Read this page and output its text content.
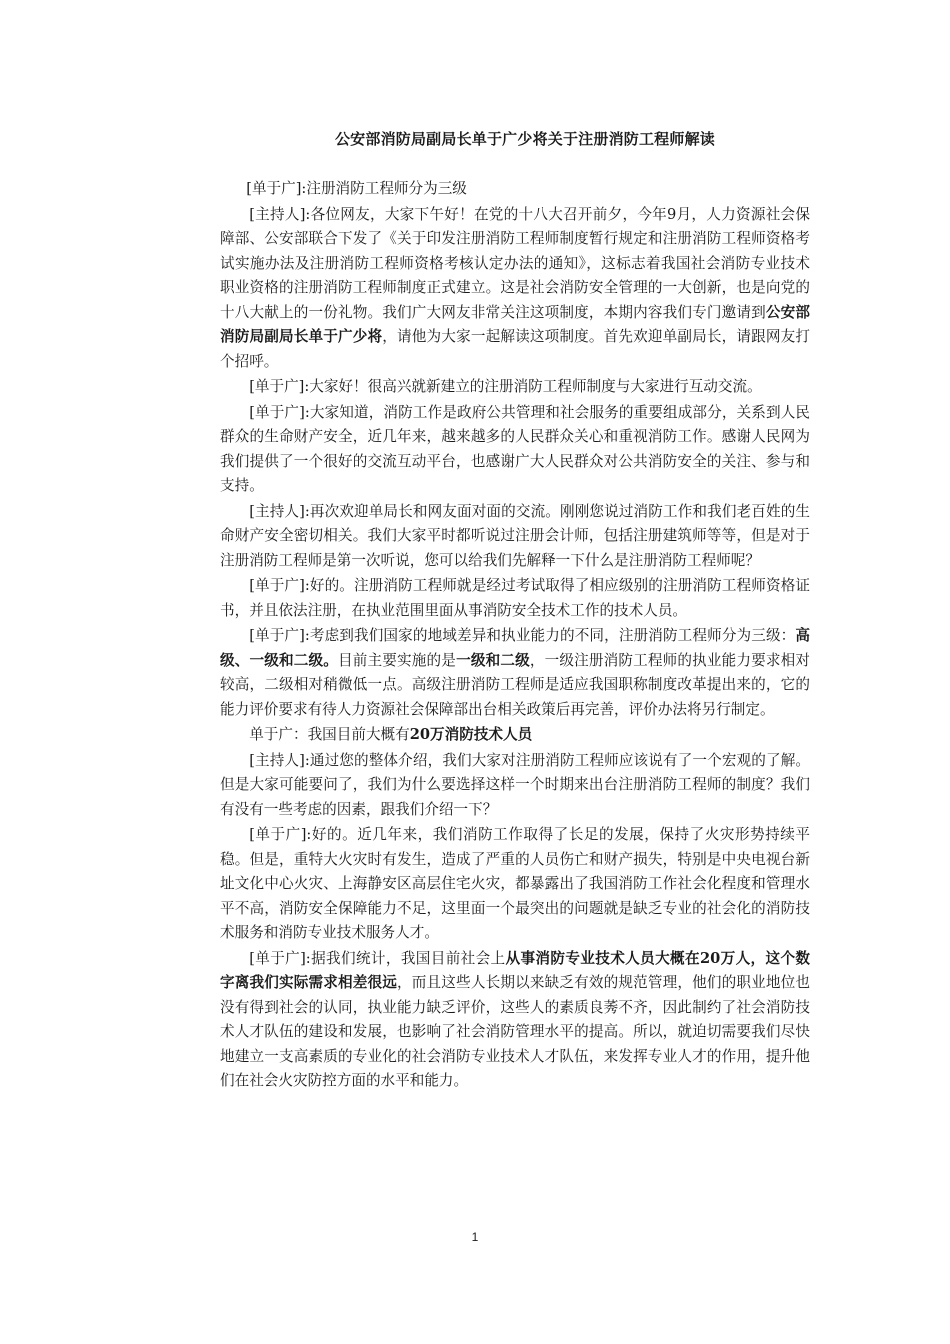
公安部消防局副局长单于广少将关于注册消防工程师解读

[单于广]:注册消防工程师分为三级

[主持人]:各位网友，大家下午好！在党的十八大召开前夕，今年9月，人力资源社会保障部、公安部联合下发了《关于印发注册消防工程师制度暂行规定和注册消防工程师资格考试实施办法及注册消防工程师资格考核认定办法的通知》，这标志着我国社会消防专业技术职业资格的注册消防工程师制度正式建立。这是社会消防安全管理的一大创新，也是向党的十八大献上的一份礼物。我们广大网友非常关注这项制度，本期内容我们专门邀请到公安部消防局副局长单于广少将，请他为大家一起解读这项制度。首先欢迎单副局长，请跟网友打个招呼。

[单于广]:大家好！很高兴就新建立的注册消防工程师制度与大家进行互动交流。

[单于广]:大家知道，消防工作是政府公共管理和社会服务的重要组成部分，关系到人民群众的生命财产安全，近几年来，越来越多的人民群众关心和重视消防工作。感谢人民网为我们提供了一个很好的交流互动平台，也感谢广大人民群众对公共消防安全的关注、参与和支持。

[主持人]:再次欢迎单局长和网友面对面的交流。刚刚您说过消防工作和我们老百姓的生命财产安全密切相关。我们大家平时都听说过注册会计师，包括注册建筑师等等，但是对于注册消防工程师是第一次听说，您可以给我们先解释一下什么是注册消防工程师呢？

[单于广]:好的。注册消防工程师就是经过考试取得了相应级别的注册消防工程师资格证书，并且依法注册，在执业范围里面从事消防安全技术工作的技术人员。

[单于广]:考虑到我们国家的地域差异和执业能力的不同，注册消防工程师分为三级：高级、一级和二级。目前主要实施的是一级和二级，一级注册消防工程师的执业能力要求相对较高，二级相对稍微低一点。高级注册消防工程师是适应我国职称制度改革提出来的，它的能力评价要求有待人力资源社会保障部出台相关政策后再完善，评价办法将另行制定。

单于广：我国目前大概有20万消防技术人员

[主持人]:通过您的整体介绍，我们大家对注册消防工程师应该说有了一个宏观的了解。但是大家可能要问了，我们为什么要选择这样一个时期来出台注册消防工程师的制度？我们有没有一些考虑的因素，跟我们介绍一下？

[单于广]:好的。近几年来，我们消防工作取得了长足的发展，保持了火灾形势持续平稳。但是，重特大火灾时有发生，造成了严重的人员伤亡和财产损失，特别是中央电视台新址文化中心火灾、上海静安区高层住宅火灾，都暴露出了我国消防工作社会化程度和管理水平不高，消防安全保障能力不足，这里面一个最突出的问题就是缺乏专业的社会化的消防技术服务和消防专业技术服务人才。

[单于广]:据我们统计，我国目前社会上从事消防专业技术人员大概在20万人，这个数字离我们实际需求相差很远，而且这些人长期以来缺乏有效的规范管理，他们的职业地位也没有得到社会的认同，执业能力缺乏评价，这些人的素质良莠不齐，因此制约了社会消防技术人才队伍的建设和发展，也影响了社会消防管理水平的提高。所以，就迫切需要我们尽快地建立一支高素质的专业化的社会消防专业技术人才队伍，来发挥专业人才的作用，提升他们在社会火灾防控方面的水平和能力。

1
